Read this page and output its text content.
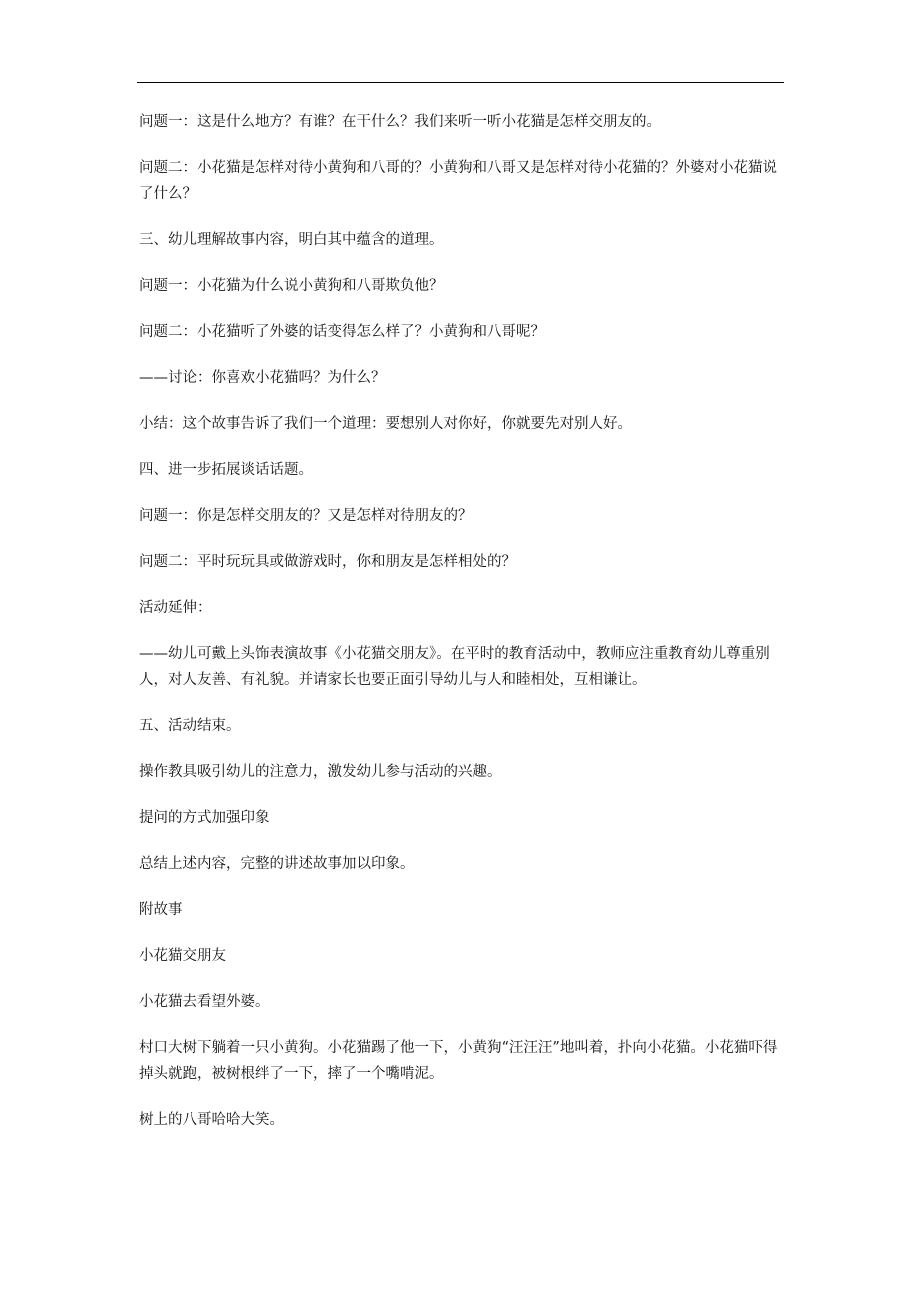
问题一：这是什么地方？有谁？在干什么？我们来听一听小花猫是怎样交朋友的。

问题二：小花猫是怎样对待小黄狗和八哥的？小黄狗和八哥又是怎样对待小花猫的？外婆对小花猫说了什么？

三、幼儿理解故事内容，明白其中蕴含的道理。

问题一：小花猫为什么说小黄狗和八哥欺负他？

问题二：小花猫听了外婆的话变得怎么样了？小黄狗和八哥呢？

——讨论：你喜欢小花猫吗？为什么？

小结：这个故事告诉了我们一个道理：要想别人对你好，你就要先对别人好。

四、进一步拓展谈话话题。

问题一：你是怎样交朋友的？又是怎样对待朋友的？

问题二：平时玩玩具或做游戏时，你和朋友是怎样相处的？

活动延伸：

——幼儿可戴上头饰表演故事《小花猫交朋友》。在平时的教育活动中，教师应注重教育幼儿尊重别人，对人友善、有礼貌。并请家长也要正面引导幼儿与人和睦相处，互相谦让。

五、活动结束。

操作教具吸引幼儿的注意力，激发幼儿参与活动的兴趣。

提问的方式加强印象

总结上述内容，完整的讲述故事加以印象。

附故事

小花猫交朋友

小花猫去看望外婆。

村口大树下躺着一只小黄狗。小花猫踢了他一下，小黄狗“汪汪汪”地叫着，扑向小花猫。小花猫吓得掉头就跑，被树根绊了一下，摔了一个嘴啃泥。

树上的八哥哈哈大笑。
